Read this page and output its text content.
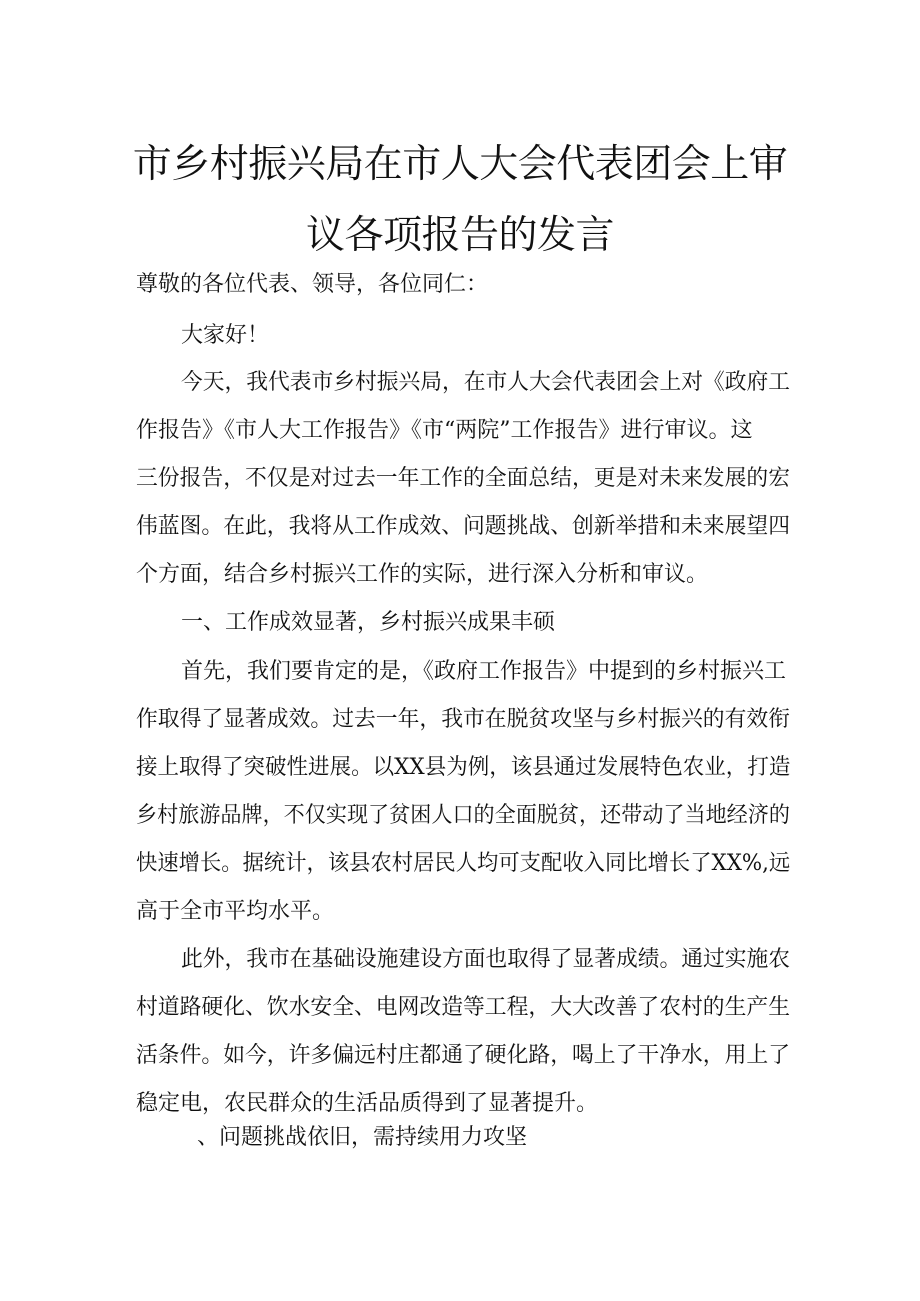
市乡村振兴局在市人大会代表团会上审
议各项报告的发言
尊敬的各位代表、领导，各位同仁：
大家好！
今天，我代表市乡村振兴局，在市人大会代表团会上对《政府工
作报告》《市人大工作报告》《市“两院”工作报告》进行审议。这
三份报告，不仅是对过去一年工作的全面总结，更是对未来发展的宏
伟蓝图。在此，我将从工作成效、问题挑战、创新举措和未来展望四
个方面，结合乡村振兴工作的实际，进行深入分析和审议。
一、工作成效显著，乡村振兴成果丰硕
首先，我们要肯定的是，《政府工作报告》中提到的乡村振兴工
作取得了显著成效。过去一年，我市在脱贫攻坚与乡村振兴的有效衔
接上取得了突破性进展。以XX县为例，该县通过发展特色农业，打造
乡村旅游品牌，不仅实现了贫困人口的全面脱贫，还带动了当地经济的
快速增长。据统计，该县农村居民人均可支配收入同比增长了XX%,远
高于全市平均水平。
此外，我市在基础设施建设方面也取得了显著成绩。通过实施农
村道路硬化、饮水安全、电网改造等工程，大大改善了农村的生产生
活条件。如今，许多偏远村庄都通了硬化路，喝上了干净水，用上了
稳定电，农民群众的生活品质得到了显著提升。
、问题挑战依旧，需持续用力攻坚
